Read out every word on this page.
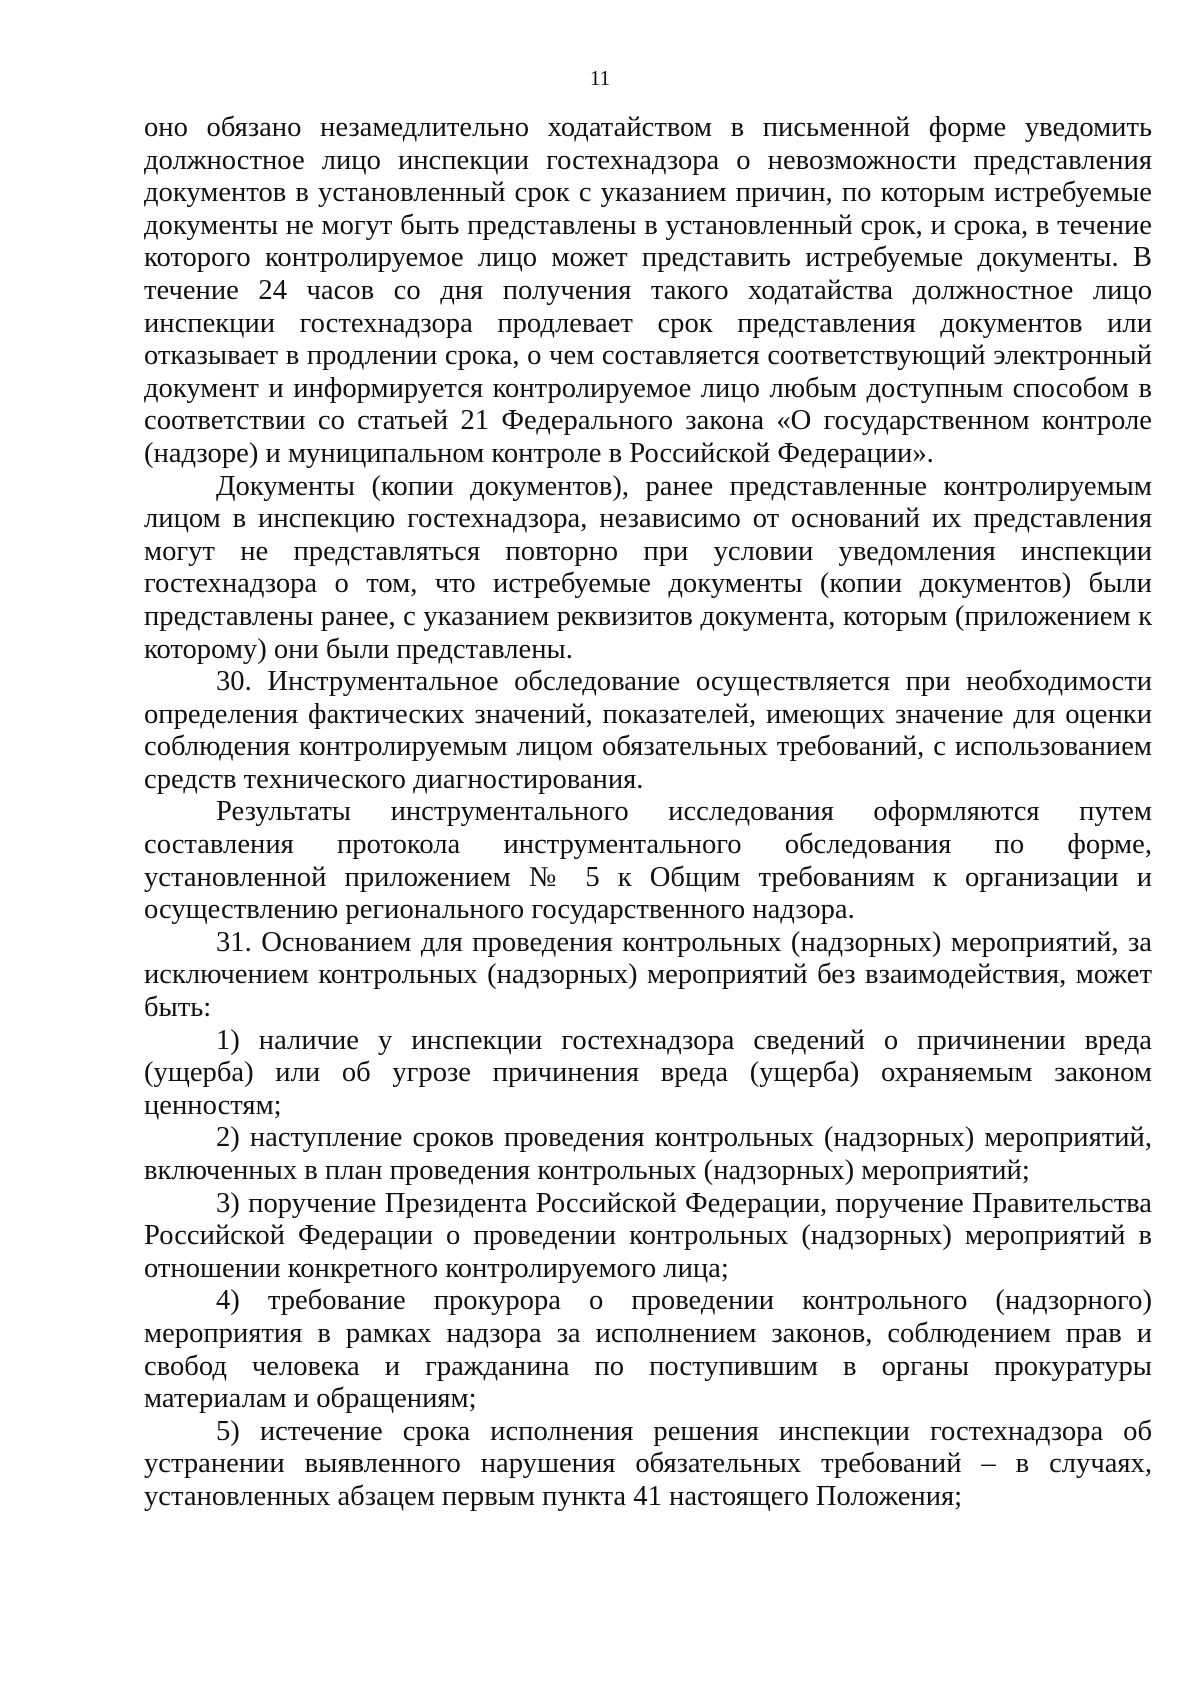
11

оно обязано незамедлительно ходатайством в письменной форме уведомить должностное лицо инспекции гостехнадзора о невозможности представления документов в установленный срок с указанием причин, по которым истребуемые документы не могут быть представлены в установленный срок, и срока, в течение которого контролируемое лицо может представить истребуемые документы. В течение 24 часов со дня получения такого ходатайства должностное лицо инспекции гостехнадзора продлевает срок представления документов или отказывает в продлении срока, о чем составляется соответствующий электронный документ и информируется контролируемое лицо любым доступным способом в соответствии со статьей 21 Федерального закона «О государственном контроле (надзоре) и муниципальном контроле в Российской Федерации».

Документы (копии документов), ранее представленные контролируемым лицом в инспекцию гостехнадзора, независимо от оснований их представления могут не представляться повторно при условии уведомления инспекции гостехнадзора о том, что истребуемые документы (копии документов) были представлены ранее, с указанием реквизитов документа, которым (приложением к которому) они были представлены.

30. Инструментальное обследование осуществляется при необходимости определения фактических значений, показателей, имеющих значение для оценки соблюдения контролируемым лицом обязательных требований, с использованием средств технического диагностирования.

Результаты инструментального исследования оформляются путем составления протокола инструментального обследования по форме, установленной приложением № 5 к Общим требованиям к организации и осуществлению регионального государственного надзора.

31. Основанием для проведения контрольных (надзорных) мероприятий, за исключением контрольных (надзорных) мероприятий без взаимодействия, может быть:

1) наличие у инспекции гостехнадзора сведений о причинении вреда (ущерба) или об угрозе причинения вреда (ущерба) охраняемым законом ценностям;

2) наступление сроков проведения контрольных (надзорных) мероприятий, включенных в план проведения контрольных (надзорных) мероприятий;

3) поручение Президента Российской Федерации, поручение Правительства Российской Федерации о проведении контрольных (надзорных) мероприятий в отношении конкретного контролируемого лица;

4) требование прокурора о проведении контрольного (надзорного) мероприятия в рамках надзора за исполнением законов, соблюдением прав и свобод человека и гражданина по поступившим в органы прокуратуры материалам и обращениям;

5) истечение срока исполнения решения инспекции гостехнадзора об устранении выявленного нарушения обязательных требований – в случаях, установленных абзацем первым пункта 41 настоящего Положения;
